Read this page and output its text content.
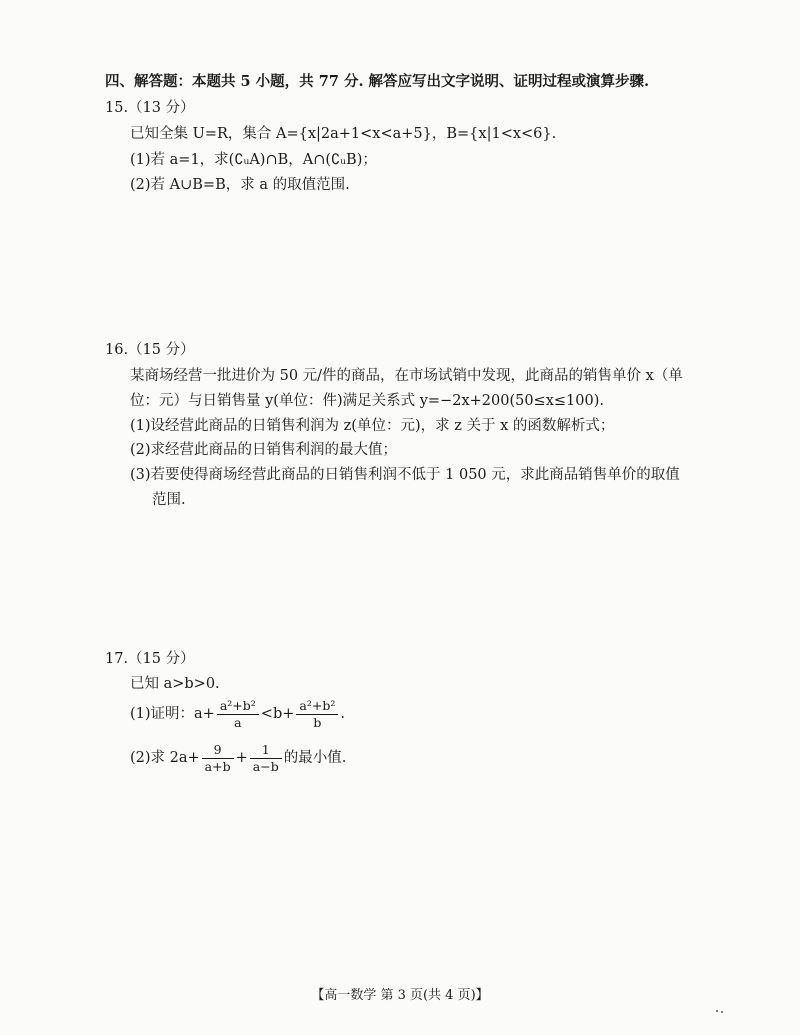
四、解答题：本题共 5 小题，共 77 分. 解答应写出文字说明、证明过程或演算步骤.
15.（13 分）
已知全集 U=R，集合 A={x|2a+1<x<a+5}，B={x|1<x<6}.
(1)若 a=1，求(∁ᵤA)∩B，A∩(∁ᵤB)；
(2)若 A∪B=B，求 a 的取值范围.
16.（15 分）
某商场经营一批进价为 50 元/件的商品，在市场试销中发现，此商品的销售单价 x（单
位：元）与日销售量 y(单位：件)满足关系式 y=−2x+200(50≤x≤100).
(1)设经营此商品的日销售利润为 z(单位：元)，求 z 关于 x 的函数解析式；
(2)求经营此商品的日销售利润的最大值；
(3)若要使得商场经营此商品的日销售利润不低于 1 050 元，求此商品销售单价的取值
范围.
17.（15 分）
已知 a>b>0.
(1)证明：$a+ \frac{\text{a²+b²}}{a} <b+ \frac{\text{a²+b²}}{b}$ .
(2)求 $2a+ \frac{9}{a+b} + \frac{1}{a-b}$ 的最小值.
【高一数学 第 3 页(共 4 页)】
